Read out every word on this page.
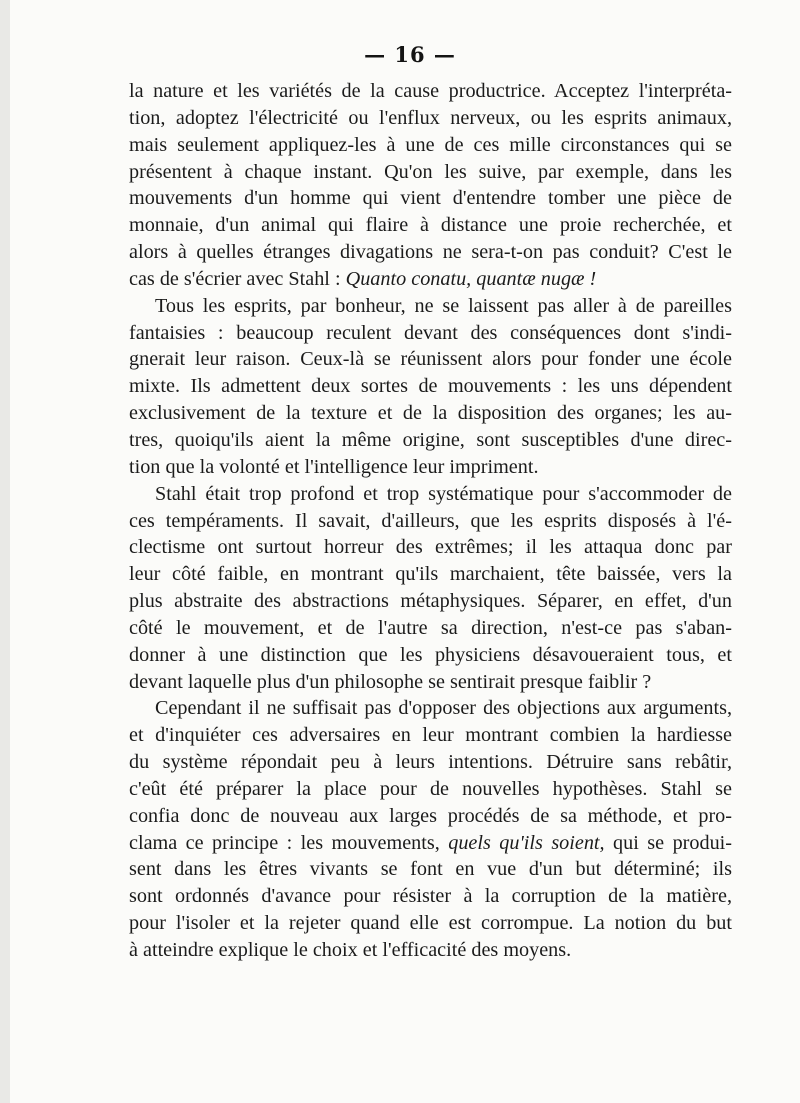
— 16 —
la nature et les variétés de la cause productrice. Acceptez l'interpréta-
tion, adoptez l'électricité ou l'enflux nerveux, ou les esprits animaux,
mais seulement appliquez-les à une de ces mille circonstances qui se
présentent à chaque instant. Qu'on les suive, par exemple, dans les
mouvements d'un homme qui vient d'entendre tomber une pièce de
monnaie, d'un animal qui flaire à distance une proie recherchée, et
alors à quelles étranges divagations ne sera-t-on pas conduit? C'est le
cas de s'écrier avec Stahl : Quanto conatu, quantæ nugæ !
Tous les esprits, par bonheur, ne se laissent pas aller à de pareilles
fantaisies : beaucoup reculent devant des conséquences dont s'indi-
gnerait leur raison. Ceux-là se réunissent alors pour fonder une école
mixte. Ils admettent deux sortes de mouvements : les uns dépendent
exclusivement de la texture et de la disposition des organes; les au-
tres, quoiqu'ils aient la même origine, sont susceptibles d'une direc-
tion que la volonté et l'intelligence leur impriment.
Stahl était trop profond et trop systématique pour s'accommoder de
ces tempéraments. Il savait, d'ailleurs, que les esprits disposés à l'é-
clectisme ont surtout horreur des extrêmes; il les attaqua donc par
leur côté faible, en montrant qu'ils marchaient, tête baissée, vers la
plus abstraite des abstractions métaphysiques. Séparer, en effet, d'un
côté le mouvement, et de l'autre sa direction, n'est-ce pas s'aban-
donner à une distinction que les physiciens désavoueraient tous, et
devant laquelle plus d'un philosophe se sentirait presque faiblir ?
Cependant il ne suffisait pas d'opposer des objections aux arguments,
et d'inquiéter ces adversaires en leur montrant combien la hardiesse
du système répondait peu à leurs intentions. Détruire sans rebâtir,
c'eût été préparer la place pour de nouvelles hypothèses. Stahl se
confia donc de nouveau aux larges procédés de sa méthode, et pro-
clama ce principe : les mouvements, quels qu'ils soient, qui se produi-
sent dans les êtres vivants se font en vue d'un but déterminé; ils
sont ordonnés d'avance pour résister à la corruption de la matière,
pour l'isoler et la rejeter quand elle est corrompue. La notion du but
à atteindre explique le choix et l'efficacité des moyens.
